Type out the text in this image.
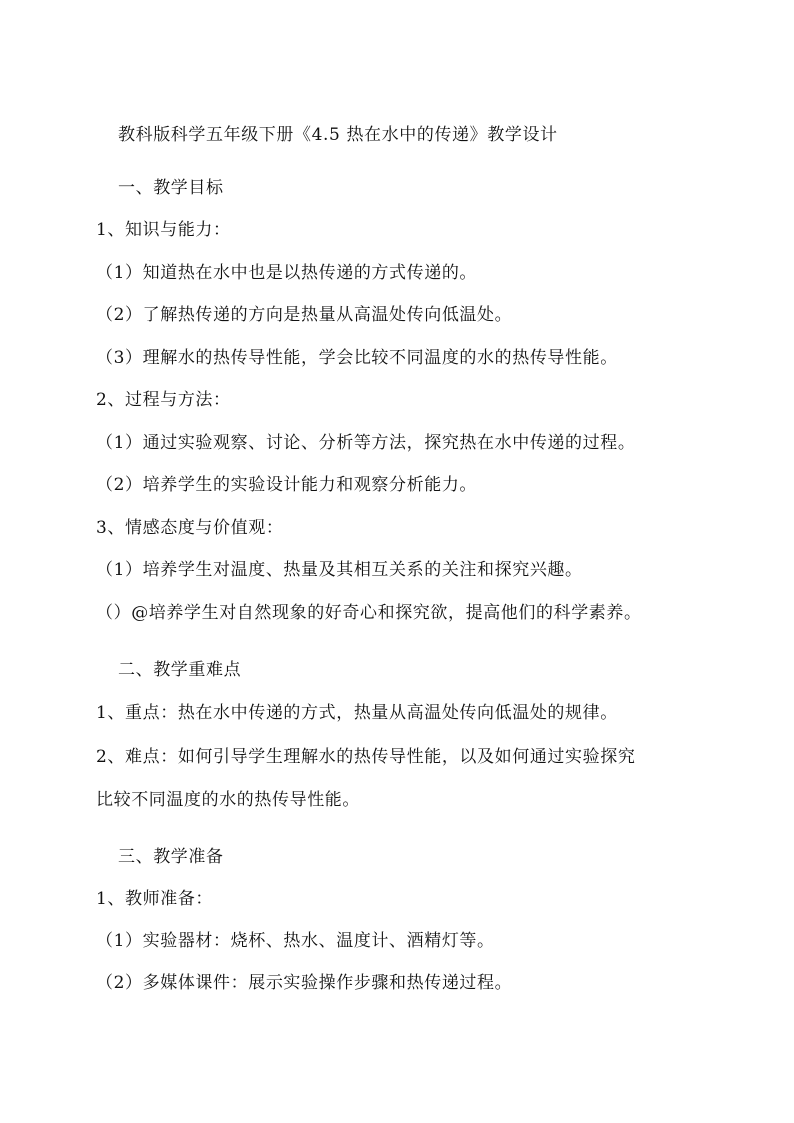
教科版科学五年级下册《4.5 热在水中的传递》教学设计
一、教学目标
1、知识与能力：
（1）知道热在水中也是以热传递的方式传递的。
（2）了解热传递的方向是热量从高温处传向低温处。
（3）理解水的热传导性能，学会比较不同温度的水的热传导性能。
2、过程与方法：
（1）通过实验观察、讨论、分析等方法，探究热在水中传递的过程。
（2）培养学生的实验设计能力和观察分析能力。
3、情感态度与价值观：
（1）培养学生对温度、热量及其相互关系的关注和探究兴趣。
（）@培养学生对自然现象的好奇心和探究欲，提高他们的科学素养。
二、教学重难点
1、重点：热在水中传递的方式，热量从高温处传向低温处的规律。
2、难点：如何引导学生理解水的热传导性能，以及如何通过实验探究
比较不同温度的水的热传导性能。
三、教学准备
1、教师准备：
（1）实验器材：烧杯、热水、温度计、酒精灯等。
（2）多媒体课件：展示实验操作步骤和热传递过程。
